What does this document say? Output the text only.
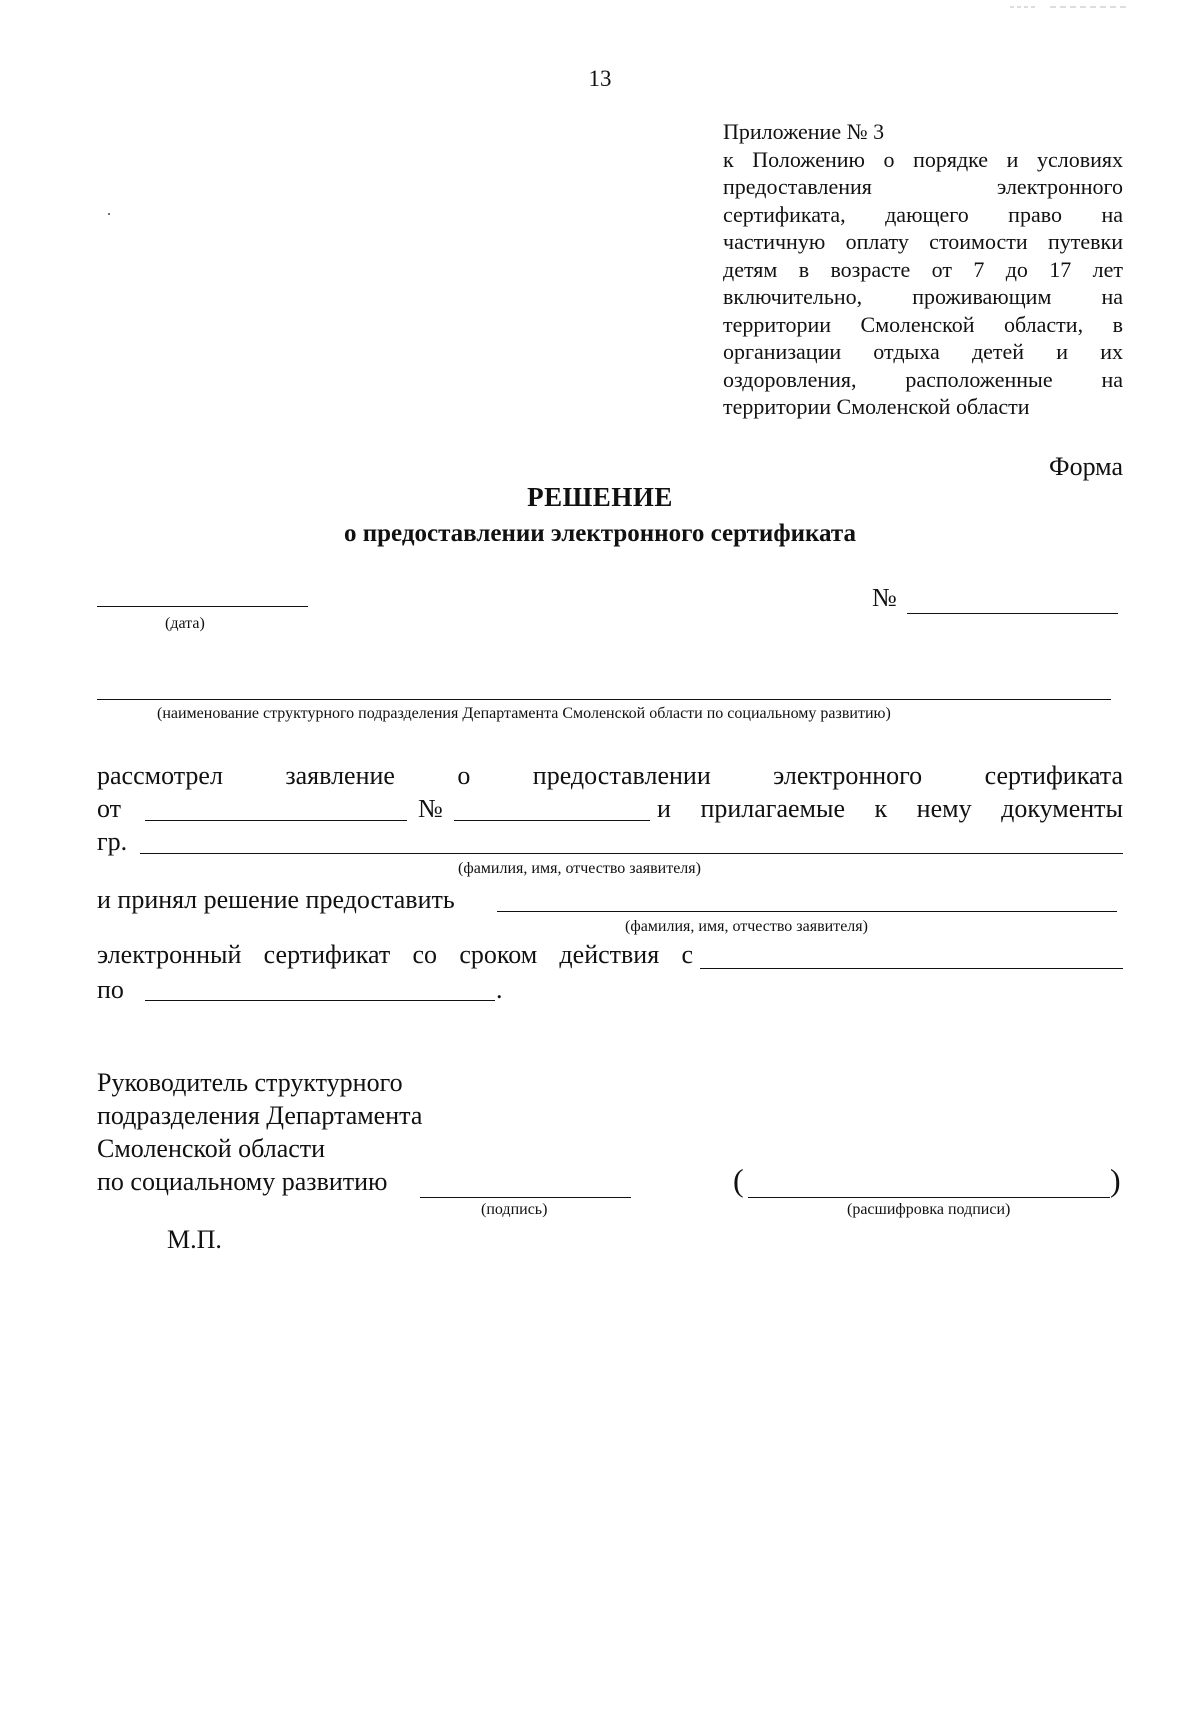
13
Приложение № 3
к Положению о порядке и условиях
предоставления электронного
сертификата, дающего право на
частичную оплату стоимости путевки
детям в возрасте от 7 до 17 лет
включительно, проживающим на
территории Смоленской области, в
организации отдыха детей и их
оздоровления, расположенные на
территории Смоленской области
Форма
РЕШЕНИЕ
о предоставлении электронного сертификата
(дата)
№
(наименование структурного подразделения Департамента Смоленской области по социальному развитию)
рассмотрел заявление о предоставлении электронного сертификата
от	№	и прилагаемые к нему документы
гр.
(фамилия, имя, отчество заявителя)
и принял решение предоставить
(фамилия, имя, отчество заявителя)
электронный сертификат со сроком действия с
по	.
Руководитель структурного
подразделения Департамента
Смоленской области
по социальному развитию
(подпись)
(	)
(расшифровка подписи)
М.П.
